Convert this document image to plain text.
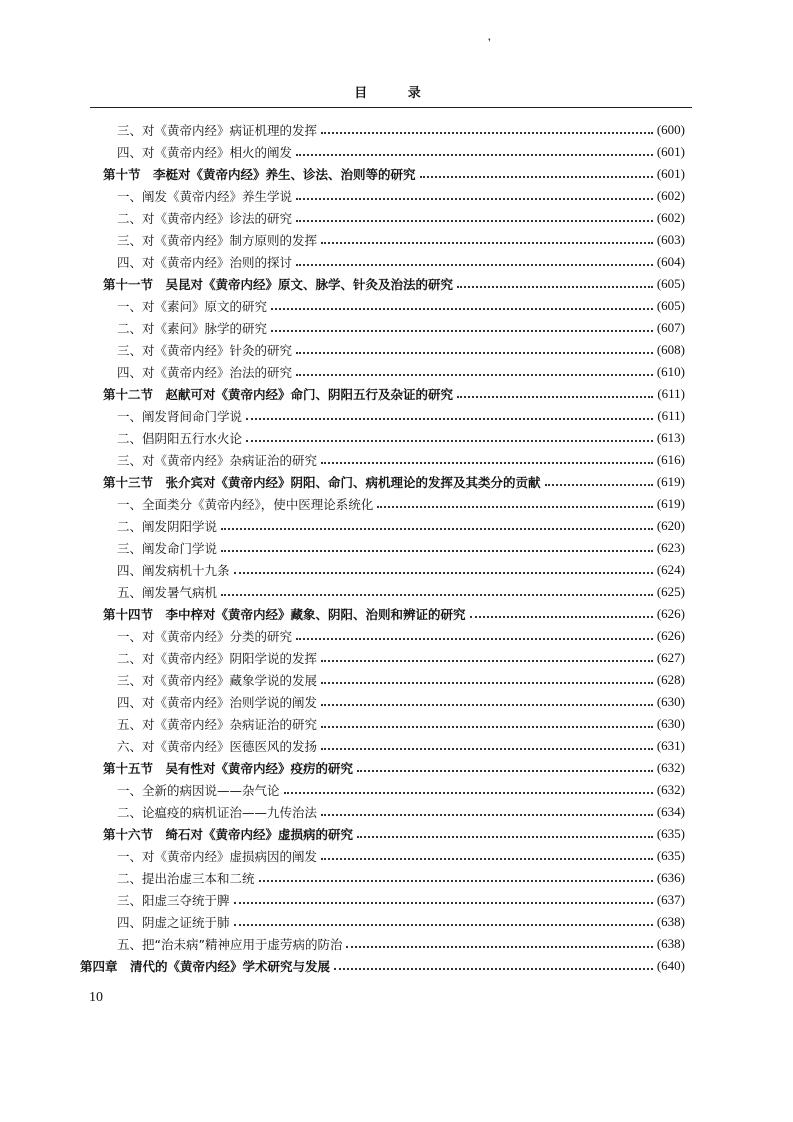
❜
目 录
三、对《黄帝内经》病证机理的发挥	(600)
四、对《黄帝内经》相火的阐发	(601)
第十节　李梃对《黄帝内经》养生、诊法、治则等的研究	(601)
一、阐发《黄帝内经》养生学说	(602)
二、对《黄帝内经》诊法的研究	(602)
三、对《黄帝内经》制方原则的发挥	(603)
四、对《黄帝内经》治则的探讨	(604)
第十一节　吴昆对《黄帝内经》原文、脉学、针灸及治法的研究	(605)
一、对《素问》原文的研究	(605)
二、对《素问》脉学的研究	(607)
三、对《黄帝内经》针灸的研究	(608)
四、对《黄帝内经》治法的研究	(610)
第十二节　赵献可对《黄帝内经》命门、阴阳五行及杂证的研究	(611)
一、阐发肾间命门学说	(611)
二、倡阴阳五行水火论	(613)
三、对《黄帝内经》杂病证治的研究	(616)
第十三节　张介宾对《黄帝内经》阴阳、命门、病机理论的发挥及其类分的贡献	(619)
一、全面类分《黄帝内经》，使中医理论系统化	(619)
二、阐发阴阳学说	(620)
三、阐发命门学说	(623)
四、阐发病机十九条	(624)
五、阐发暑气病机	(625)
第十四节　李中梓对《黄帝内经》藏象、阴阳、治则和辨证的研究	(626)
一、对《黄帝内经》分类的研究	(626)
二、对《黄帝内经》阴阳学说的发挥	(627)
三、对《黄帝内经》藏象学说的发展	(628)
四、对《黄帝内经》治则学说的阐发	(630)
五、对《黄帝内经》杂病证治的研究	(630)
六、对《黄帝内经》医德医风的发扬	(631)
第十五节　吴有性对《黄帝内经》疫疠的研究	(632)
一、全新的病因说——杂气论	(632)
二、论瘟疫的病机证治——九传治法	(634)
第十六节　绮石对《黄帝内经》虚损病的研究	(635)
一、对《黄帝内经》虚损病因的阐发	(635)
二、提出治虚三本和二统	(636)
三、阳虚三夺统于脾	(637)
四、阴虚之证统于肺	(638)
五、把“治未病”精神应用于虚劳病的防治	(638)
第四章　清代的《黄帝内经》学术研究与发展	(640)
10
